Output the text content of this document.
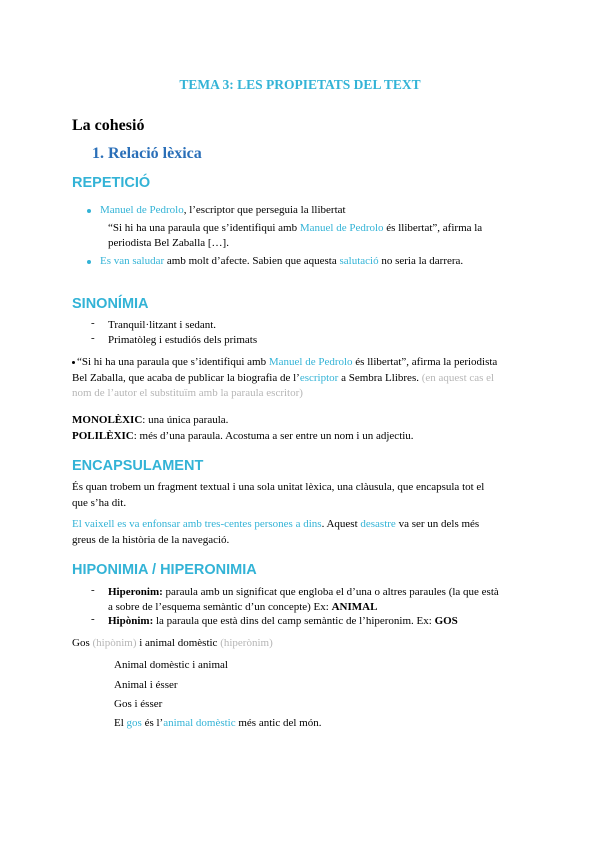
TEMA 3: LES PROPIETATS DEL TEXT
La cohesió
1. Relació lèxica
REPETICIÓ
Manuel de Pedrolo, l’escriptor que perseguia la llibertat
“Si hi ha una paraula que s’identifiqui amb Manuel de Pedrolo és llibertat”, afirma la
periodista Bel Zaballa […].
Es van saludar amb molt d’afecte. Sabien que aquesta salutació no seria la darrera.
SINONÍMIA
- Tranquil·litzant i sedant.
- Primatòleg i estudiós dels primats
“Si hi ha una paraula que s’identifiqui amb Manuel de Pedrolo és llibertat”, afirma la periodista
Bel Zaballa, que acaba de publicar la biografia de l’escriptor a Sembra Llibres. (en aquest cas el
nom de l’autor el substituïm amb la paraula escritor)
MONOLÈXIC: una única paraula.
POLILÈXIC: més d’una paraula. Acostuma a ser entre un nom i un adjectiu.
ENCAPSULAMENT
És quan trobem un fragment textual i una sola unitat lèxica, una clàusula, que encapsula tot el
que s’ha dit.
El vaixell es va enfonsar amb tres-centes persones a dins. Aquest desastre va ser un dels més
greus de la història de la navegació.
HIPONIMIA / HIPERONIMIA
- Hiperonim: paraula amb un significat que engloba el d’una o altres paraules (la que està
a sobre de l’esquema semàntic d’un concepte) Ex: ANIMAL
- Hipònim: la paraula que està dins del camp semàntic de l’hiperonim. Ex: GOS
Gos (hipònim) i animal domèstic (hiperònim)
Animal domèstic i animal
Animal i ésser
Gos i ésser
El gos és l’animal domèstic més antic del món.
